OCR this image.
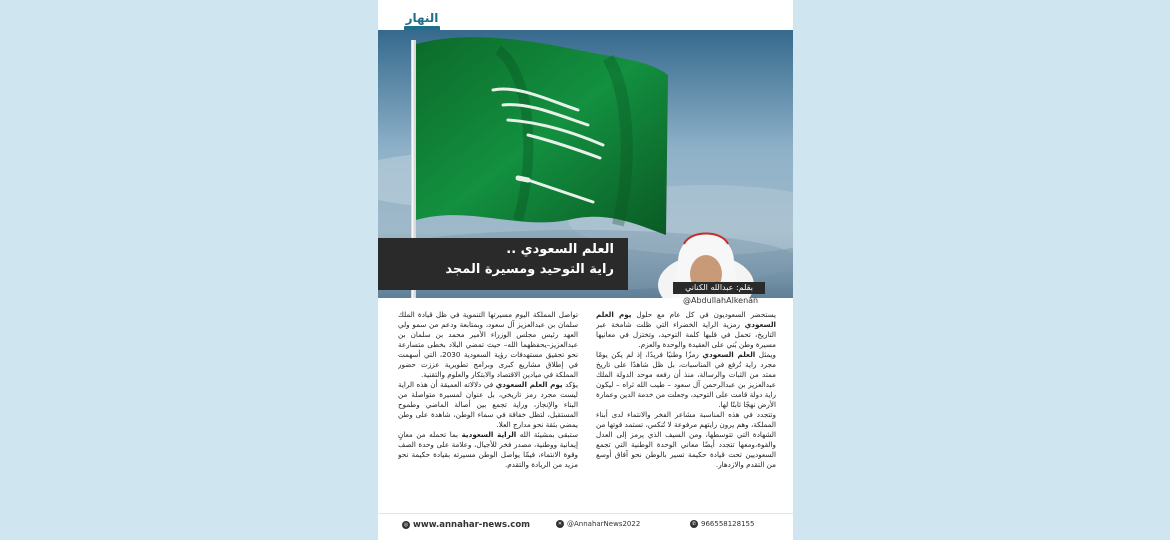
النهار
العلم السعودي ..
راية التوحيد ومسيرة المجد
بقلم: عبدالله الكناني
@AbdullahAlkenan

يستحضر السعوديون في كل عام مع حلول يوم العلم السعودي رمزية الراية الخضراء التي ظلت شامخة عبر التاريخ، تحمل في قلبها كلمة التوحيد، وتختزل في معانيها مسيرة وطن بُني على العقيدة والوحدة والعزم.

ويمثل العلم السعودي رمزًا وطنيًا فريدًا، إذ لم يكن يومًا مجرد راية تُرفع في المناسبات، بل ظل شاهدًا على تاريخ ممتد من الثبات والرسالة، منذ أن رفعه موحد الدولة الملك عبدالعزيز بن عبدالرحمن آل سعود – طيب الله ثراه – ليكون راية دولة قامت على التوحيد، وجعلت من خدمة الدين وعمارة الأرض نهجًا ثابتًا لها.

وتتجدد في هذه المناسبة مشاعر الفخر والانتماء لدى أبناء المملكة، وهم يرون رايتهم مرفوعة لا تُنكس، تستمد قوتها من الشهادة التي تتوسطها، ومن السيف الذي يرمز إلى العدل والقوة،ومعها تتجدد أيضًا معاني الوحدة الوطنية التي تجمع السعوديين تحت قيادة حكيمة تسير بالوطن نحو آفاق أوسع من التقدم والازدهار.

تواصل المملكة اليوم مسيرتها التنموية في ظل قيادة الملك سلمان بن عبدالعزيز آل سعود، وبمتابعة ودعم من سمو ولي العهد رئيس مجلس الوزراء الأمير محمد بن سلمان بن عبدالعزيز–يحفظهما الله– حيث تمضي البلاد بخطى متسارعة نحو تحقيق مستهدفات رؤية السعودية 2030، التي أسهمت في إطلاق مشاريع كبرى وبرامج تطويرية عززت حضور المملكة في ميادين الاقتصاد والابتكار والعلوم والتقنية.

يؤكد يوم العلم السعودي في دلالاته العميقة أن هذه الراية ليست مجرد رمز تاريخي، بل عنوان لمسيرة متواصلة من البناء والإنجاز، وراية تجمع بين أصالة الماضي وطموح المستقبل، لتظل خفاقة في سماء الوطن، شاهدة على وطن يمضي بثقة نحو مدارج العلا.

ستبقى بمشيئة الله الراية السعودية بما تحمله من معانٍ إيمانية ووطنية، مصدر فخر للأجيال، وعلامة على وحدة الصف وقوة الانتماء، فيمّا يواصل الوطن مسيرته بقيادة حكيمة نحو مزيد من الريادة والتقدم.

◎ www.annahar-news.com	✕ @AnnaharNews2022	✆ 966558128155
